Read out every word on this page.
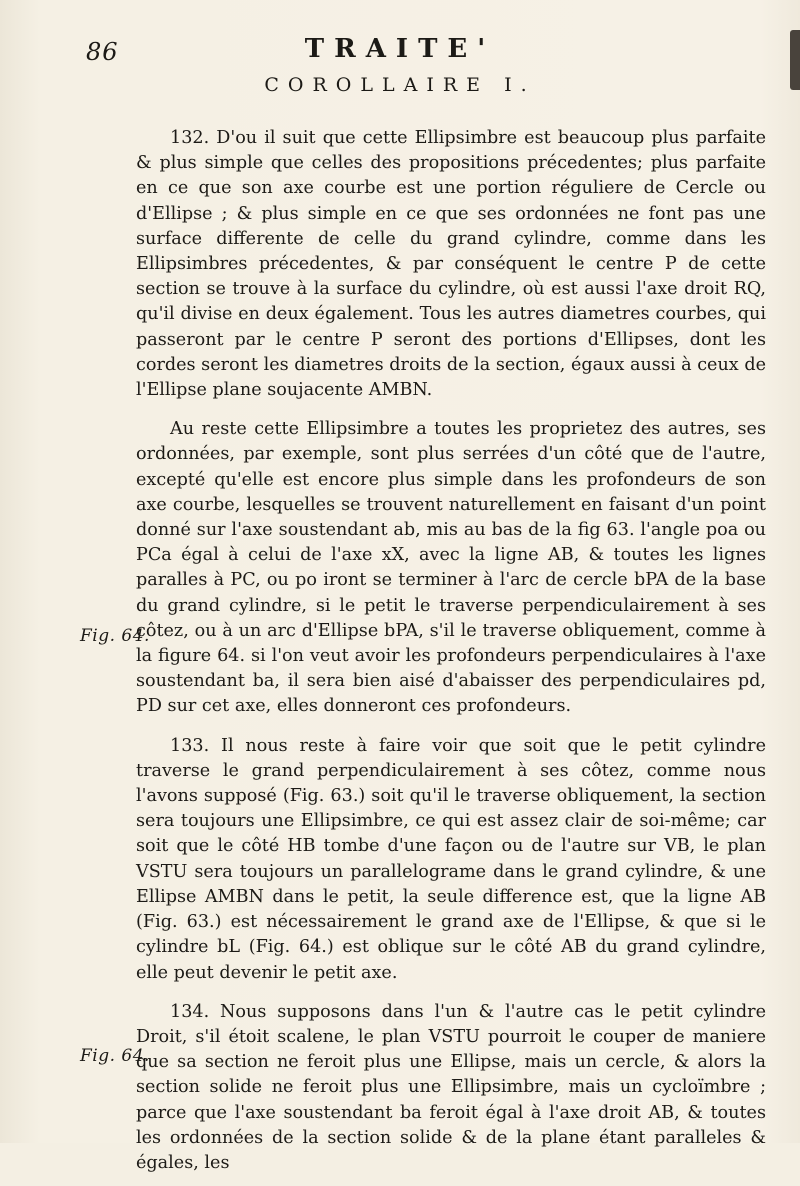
86	TRAITE'
COROLLAIRE I.
Fig. 64.
Fig. 64.

132. D'ou il suit que cette Ellipsimbre est beaucoup plus parfaite & plus simple que celles des propositions précedentes; plus parfaite en ce que son axe courbe est une portion réguliere de Cercle ou d'Ellipse ; & plus simple en ce que ses ordonnées ne font pas une surface differente de celle du grand cylindre, comme dans les Ellipsimbres précedentes, & par conséquent le centre P de cette section se trouve à la surface du cylindre, où est aussi l'axe droit RQ, qu'il divise en deux également. Tous les autres diametres courbes, qui passeront par le centre P seront des portions d'Ellipses, dont les cordes seront les diametres droits de la section, égaux aussi à ceux de l'Ellipse plane soujacente AMBN.

Au reste cette Ellipsimbre a toutes les proprietez des autres, ses ordonnées, par exemple, sont plus serrées d'un côté que de l'autre, excepté qu'elle est encore plus simple dans les profondeurs de son axe courbe, lesquelles se trouvent naturellement en faisant d'un point donné sur l'axe soustendant ab, mis au bas de la fig 63. l'angle poa ou PCa égal à celui de l'axe xX, avec la ligne AB, & toutes les lignes paralles à PC, ou po iront se terminer à l'arc de cercle bPA de la base du grand cylindre, si le petit le traverse perpendiculairement à ses côtez, ou à un arc d'Ellipse bPA, s'il le traverse obliquement, comme à la figure 64. si l'on veut avoir les profondeurs perpendiculaires à l'axe soustendant ba, il sera bien aisé d'abaisser des perpendiculaires pd, PD sur cet axe, elles donneront ces profondeurs.

133. Il nous reste à faire voir que soit que le petit cylindre traverse le grand perpendiculairement à ses côtez, comme nous l'avons supposé (Fig. 63.) soit qu'il le traverse obliquement, la section sera toujours une Ellipsimbre, ce qui est assez clair de soi-même; car soit que le côté HB tombe d'une façon ou de l'autre sur VB, le plan VSTU sera toujours un parallelograme dans le grand cylindre, & une Ellipse AMBN dans le petit, la seule difference est, que la ligne AB (Fig. 63.) est nécessairement le grand axe de l'Ellipse, & que si le cylindre bL (Fig. 64.) est oblique sur le côté AB du grand cylindre, elle peut devenir le petit axe.

134. Nous supposons dans l'un & l'autre cas le petit cylindre Droit, s'il étoit scalene, le plan VSTU pourroit le couper de maniere que sa section ne feroit plus une Ellipse, mais un cercle, & alors la section solide ne feroit plus une Ellipsimbre, mais un cycloïmbre ; parce que l'axe soustendant ba feroit égal à l'axe droit AB, & toutes les ordonnées de la section solide & de la plane étant paralleles & égales, les
